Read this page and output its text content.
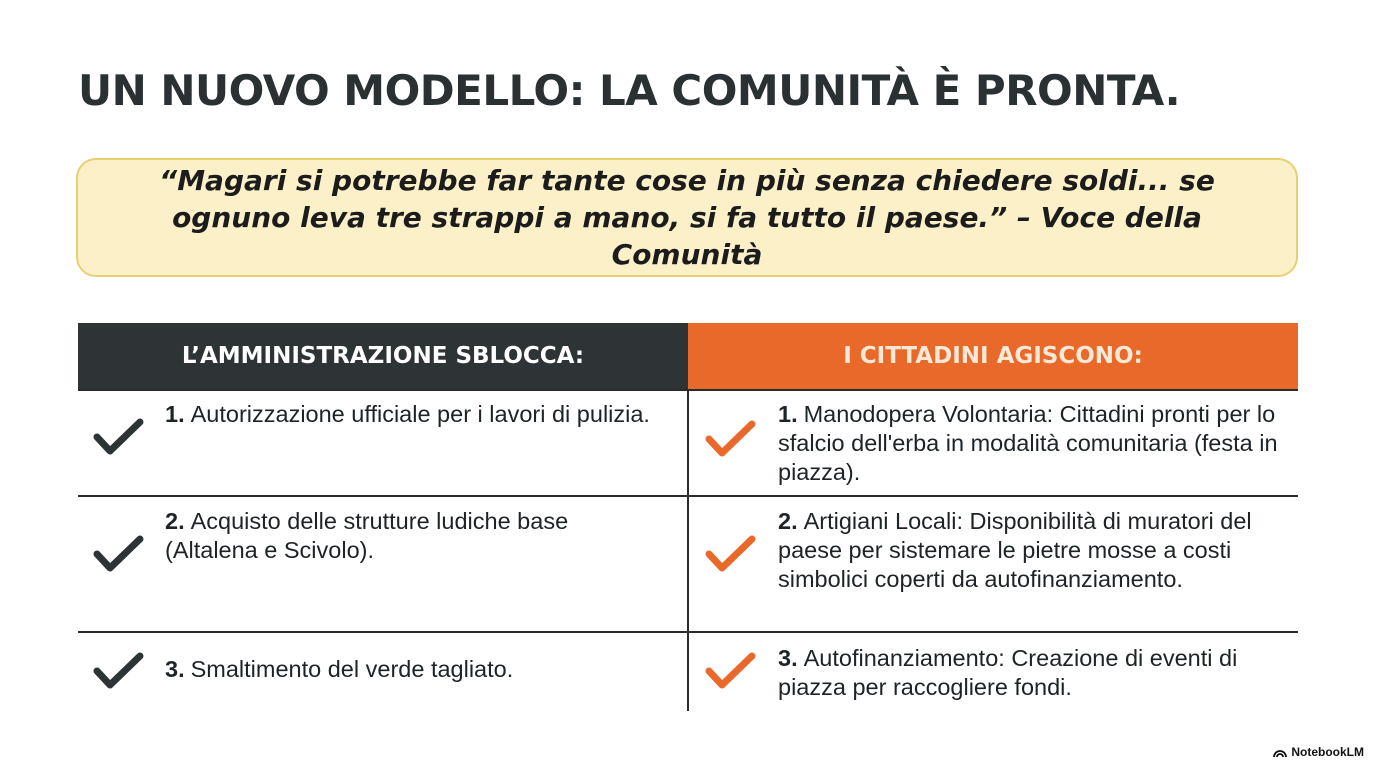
UN NUOVO MODELLO: LA COMUNITÀ È PRONTA.
“Magari si potrebbe far tante cose in più senza chiedere soldi... se ognuno leva tre strappi a mano, si fa tutto il paese.” – Voce della Comunità
L’AMMINISTRAZIONE SBLOCCA:	I CITTADINI AGISCONO:
1. Autorizzazione ufficiale per i lavori di pulizia.
2. Acquisto delle strutture ludiche base (Altalena e Scivolo).
3. Smaltimento del verde tagliato.
1. Manodopera Volontaria: Cittadini pronti per lo sfalcio dell'erba in modalità comunitaria (festa in piazza).
2. Artigiani Locali: Disponibilità di muratori del paese per sistemare le pietre mosse a costi simbolici coperti da autofinanziamento.
3. Autofinanziamento: Creazione di eventi di piazza per raccogliere fondi.
NotebookLM
